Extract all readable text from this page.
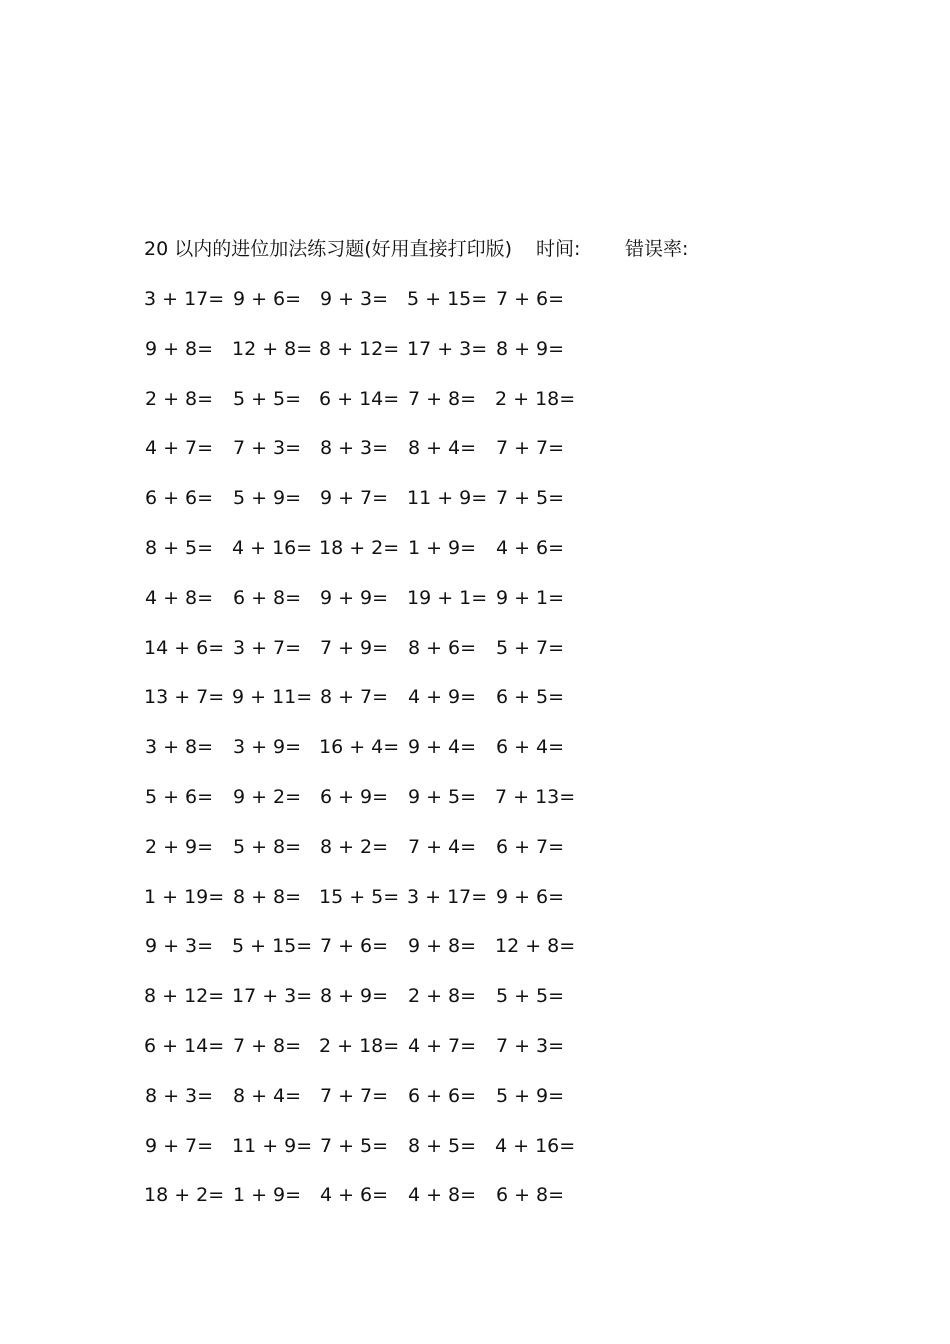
20 以内的进位加法练习题(好用直接打印版) 时间: 错误率:
3 + 17= 9 + 6= 9 + 3= 5 + 15= 7 + 6=
9 + 8= 12 + 8= 8 + 12= 17 + 3= 8 + 9=
2 + 8= 5 + 5= 6 + 14= 7 + 8= 2 + 18=
4 + 7= 7 + 3= 8 + 3= 8 + 4= 7 + 7=
6 + 6= 5 + 9= 9 + 7= 11 + 9= 7 + 5=
8 + 5= 4 + 16= 18 + 2= 1 + 9= 4 + 6=
4 + 8= 6 + 8= 9 + 9= 19 + 1= 9 + 1=
14 + 6= 3 + 7= 7 + 9= 8 + 6= 5 + 7=
13 + 7= 9 + 11= 8 + 7= 4 + 9= 6 + 5=
3 + 8= 3 + 9= 16 + 4= 9 + 4= 6 + 4=
5 + 6= 9 + 2= 6 + 9= 9 + 5= 7 + 13=
2 + 9= 5 + 8= 8 + 2= 7 + 4= 6 + 7=
1 + 19= 8 + 8= 15 + 5= 3 + 17= 9 + 6=
9 + 3= 5 + 15= 7 + 6= 9 + 8= 12 + 8=
8 + 12= 17 + 3= 8 + 9= 2 + 8= 5 + 5=
6 + 14= 7 + 8= 2 + 18= 4 + 7= 7 + 3=
8 + 3= 8 + 4= 7 + 7= 6 + 6= 5 + 9=
9 + 7= 11 + 9= 7 + 5= 8 + 5= 4 + 16=
18 + 2= 1 + 9= 4 + 6= 4 + 8= 6 + 8=
